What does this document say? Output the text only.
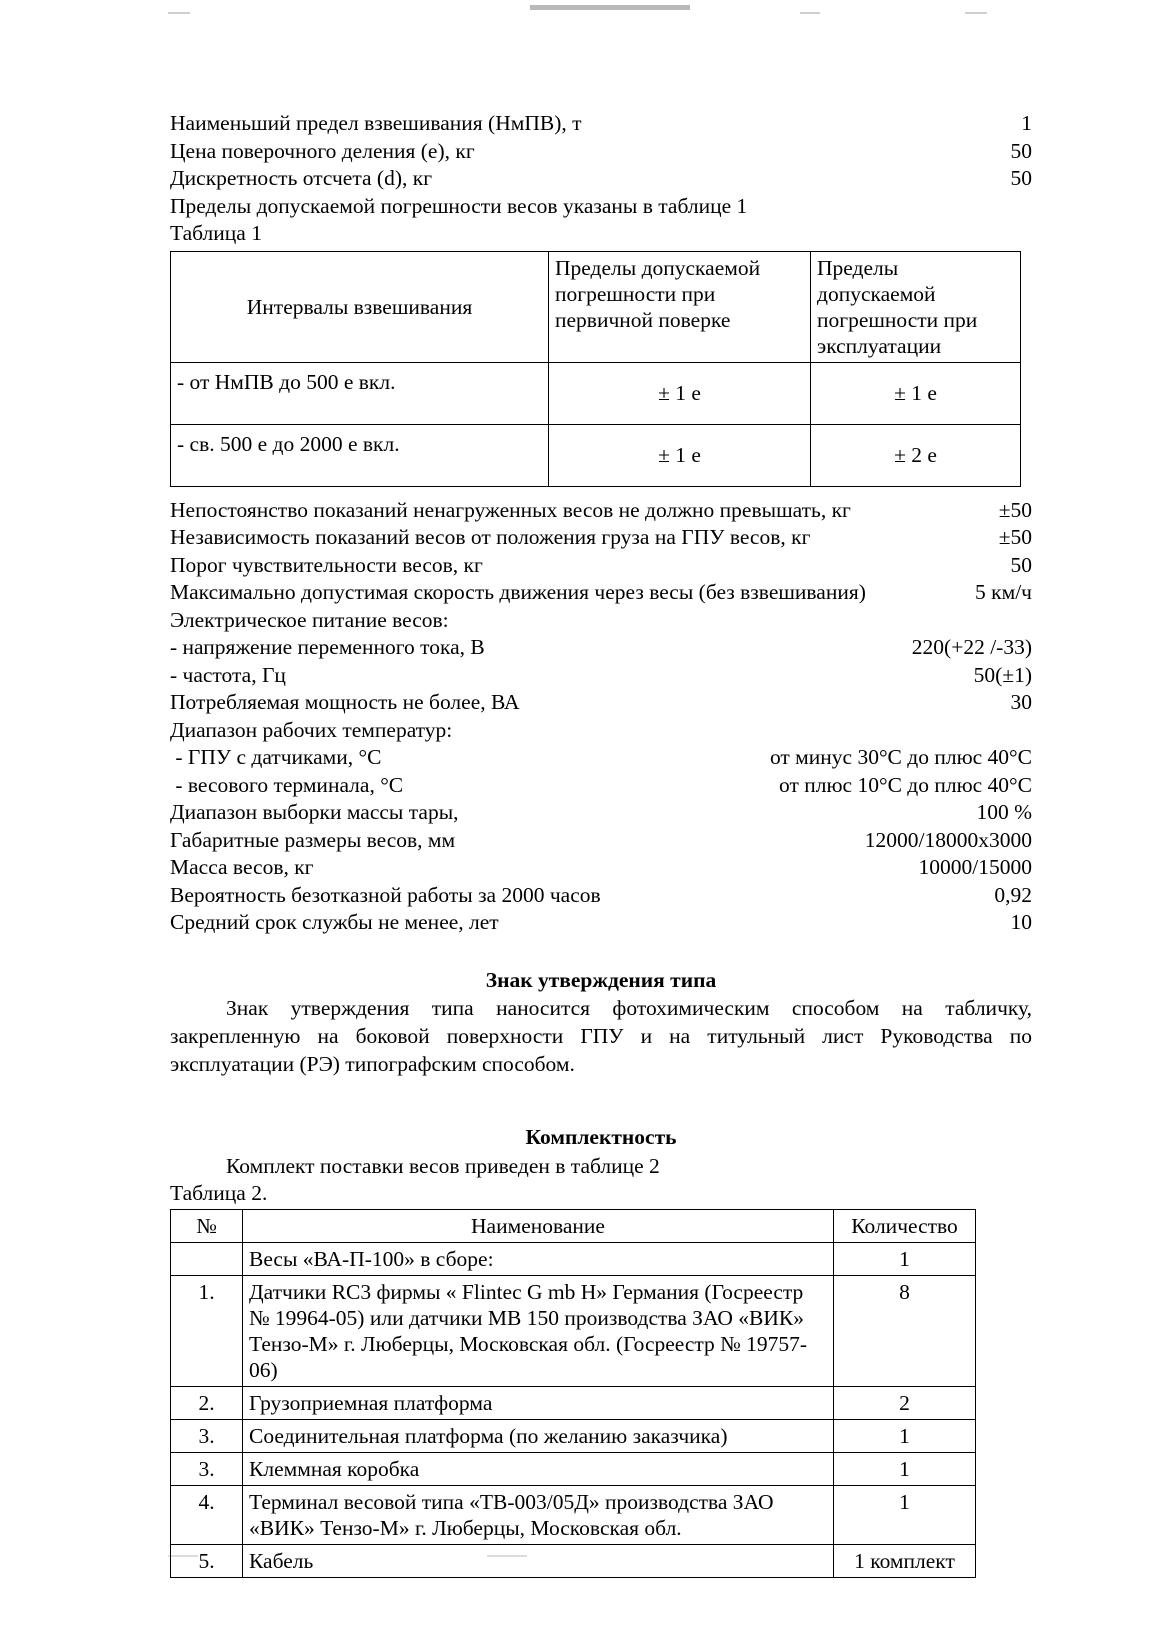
Наименьший предел взвешивания (НмПВ), т	1
Цена поверочного деления (e), кг	50
Дискретность отсчета (d), кг	50
Пределы допускаемой погрешности весов указаны в таблице 1
Таблица 1
Интервалы взвешивания	Пределы допускаемой погрешности при первичной поверке	Пределы допускаемой погрешности при эксплуатации
- от НмПВ до 500 e вкл.	± 1 e	± 1 e
- св. 500 e до 2000 e вкл.	± 1 e	± 2 e
Непостоянство показаний ненагруженных весов не должно превышать, кг	±50
Независимость показаний весов от положения груза на ГПУ весов, кг	±50
Порог чувствительности весов, кг	50
Максимально допустимая скорость движения через весы (без взвешивания)	5 км/ч
Электрическое питание весов:
- напряжение переменного тока, В	220(+22 /-33)
- частота, Гц	50(±1)
Потребляемая мощность не более, ВА	30
Диапазон рабочих температур:
- ГПУ с датчиками, °С	от минус 30°С до плюс 40°С
- весового терминала, °С	от плюс 10°С до плюс 40°С
Диапазон выборки массы тары,	100 %
Габаритные размеры весов, мм	12000/18000х3000
Масса весов, кг	10000/15000
Вероятность безотказной работы за 2000 часов	0,92
Средний срок службы не менее, лет	10
Знак утверждения типа
Знак утверждения типа наносится фотохимическим способом на табличку, закрепленную на боковой поверхности ГПУ и на титульный лист Руководства по эксплуатации (РЭ) типографским способом.
Комплектность
Комплект поставки весов приведен в таблице 2
Таблица 2.
№	Наименование	Количество
	Весы «ВА-П-100» в сборе:	1
1.	Датчики RC3 фирмы « Flintec G mb H» Германия (Госреестр № 19964-05) или датчики МВ 150 производства ЗАО «ВИК» Тензо-М» г. Люберцы, Московская обл. (Госреестр № 19757-06)	8
2.	Грузоприемная платформа	2
3.	Соединительная платформа (по желанию заказчика)	1
3.	Клеммная коробка	1
4.	Терминал весовой типа «ТВ-003/05Д» производства ЗАО «ВИК» Тензо-М» г. Люберцы, Московская обл.	1
5.	Кабель	1 комплект
